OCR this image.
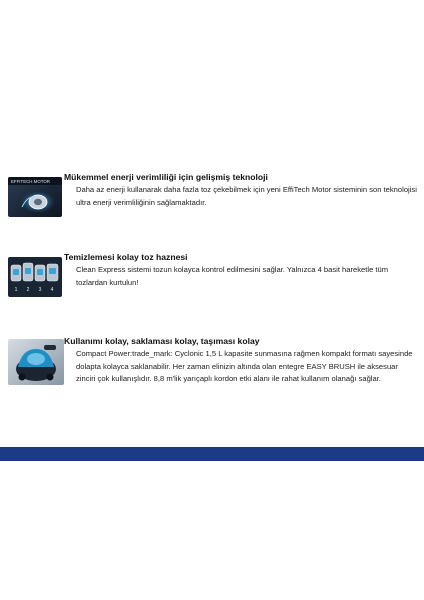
EFFITECH MOTOR Mükemmel enerji verimliliği için gelişmiş teknoloji

Daha az enerji kullanarak daha fazla toz çekebilmek için yeni EffiTech Motor sisteminin son teknolojisi ultra enerji verimliliğinin sağlamaktadır.

1 2 3 4

Temizlemesi kolay toz haznesi

Clean Express sistemi tozun kolayca kontrol edilmesini sağlar. Yalnızca 4 basit hareketle tüm tozlardan kurtulun!

Kullanımı kolay, saklaması kolay, taşıması kolay

Compact Power:trade_mark: Cyclonic 1,5 L kapasite sunmasına rağmen kompakt formatı sayesinde dolapta kolayca saklanabilir. Her zaman elinizin altında olan entegre EASY BRUSH ile aksesuar zinciri çok kullanışlıdır. 8,8 m'lik yarıçaplı kordon etki alanı ile rahat kullanım olanağı sağlar.
